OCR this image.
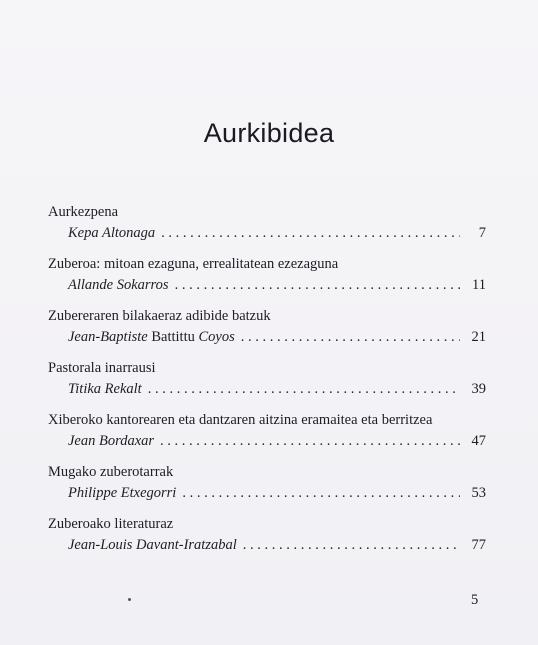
Aurkibidea
Aurkezpena
Kepa Altonaga . . .	7
Zuberoa: mitoan ezaguna, errealitatean ezezaguna
Allande Sokarros . . .	11
Zubereraren bilakaeraz adibide batzuk
Jean-Baptiste Battittu Coyos . . .	21
Pastorala inarrausi
Titika Rekalt . . .	39
Xiberoko kantorearen eta dantzaren aitzina eramaitea eta berritzea
Jean Bordaxar . . .	47
Mugako zuberotarrak
Philippe Etxegorri . . .	53
Zuberoako literaturaz
Jean-Louis Davant-Iratzabal . . .	77
5
